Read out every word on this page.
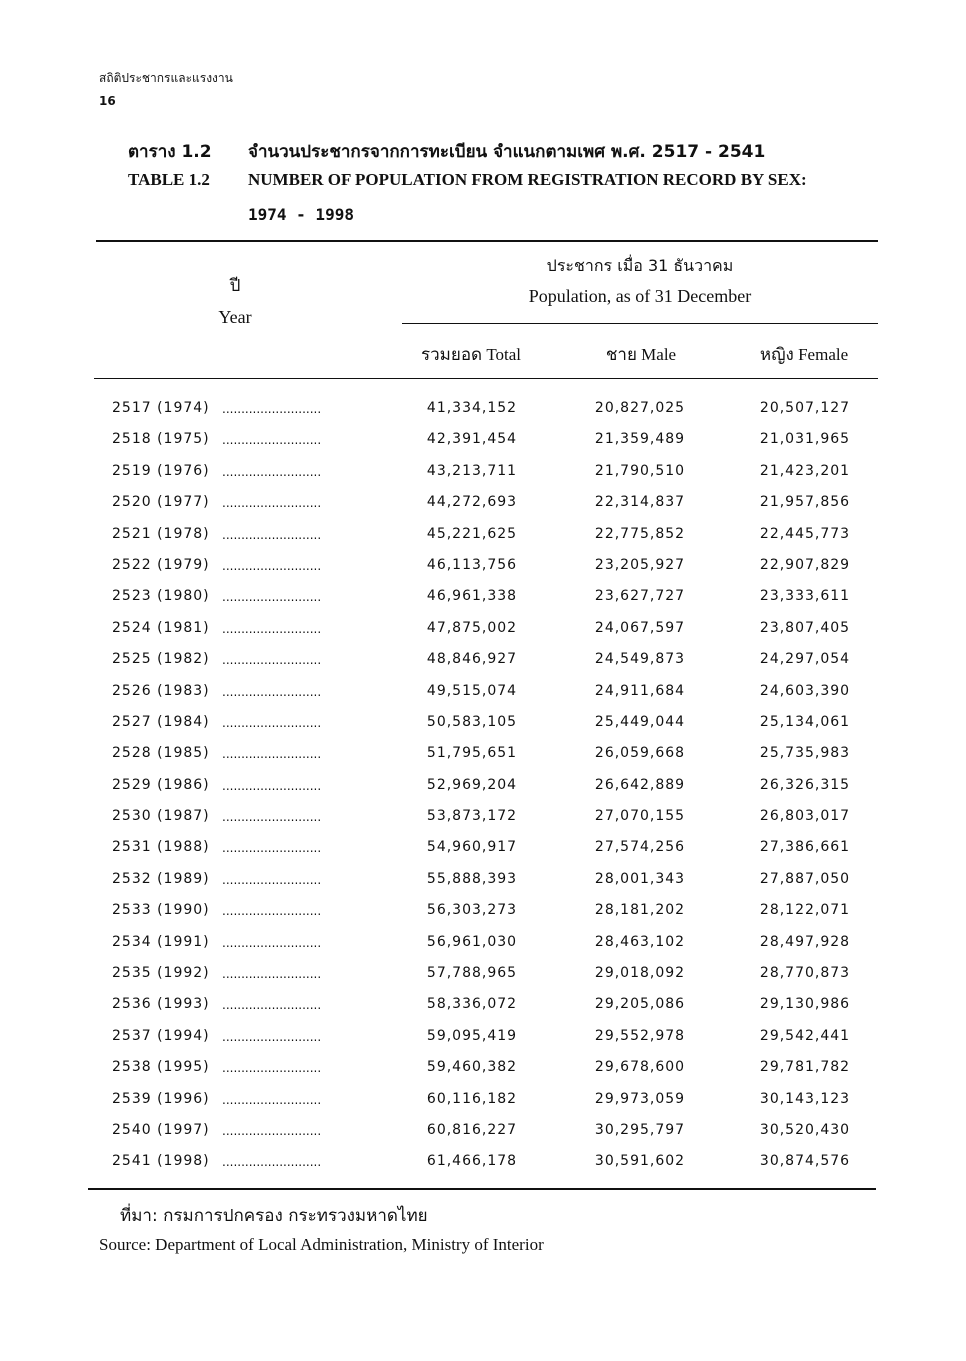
สถิติประชากรและแรงงาน
16
ตาราง 1.2 จำนวนประชากรจากการทะเบียน จำแนกตามเพศ พ.ศ. 2517 - 2541
TABLE 1.2 NUMBER OF POPULATION FROM REGISTRATION RECORD BY SEX:
1974 - 1998
ปี
Year
ประชากร เมื่อ 31 ธันวาคม
Population, as of 31 December
รวมยอด Total	ชาย Male	หญิง Female
2517 (1974) ..........................	41,334,152	20,827,025	20,507,127
2518 (1975) ..........................	42,391,454	21,359,489	21,031,965
2519 (1976) ..........................	43,213,711	21,790,510	21,423,201
2520 (1977) ..........................	44,272,693	22,314,837	21,957,856
2521 (1978) ..........................	45,221,625	22,775,852	22,445,773
2522 (1979) ..........................	46,113,756	23,205,927	22,907,829
2523 (1980) ..........................	46,961,338	23,627,727	23,333,611
2524 (1981) ..........................	47,875,002	24,067,597	23,807,405
2525 (1982) ..........................	48,846,927	24,549,873	24,297,054
2526 (1983) ..........................	49,515,074	24,911,684	24,603,390
2527 (1984) ..........................	50,583,105	25,449,044	25,134,061
2528 (1985) ..........................	51,795,651	26,059,668	25,735,983
2529 (1986) ..........................	52,969,204	26,642,889	26,326,315
2530 (1987) ..........................	53,873,172	27,070,155	26,803,017
2531 (1988) ..........................	54,960,917	27,574,256	27,386,661
2532 (1989) ..........................	55,888,393	28,001,343	27,887,050
2533 (1990) ..........................	56,303,273	28,181,202	28,122,071
2534 (1991) ..........................	56,961,030	28,463,102	28,497,928
2535 (1992) ..........................	57,788,965	29,018,092	28,770,873
2536 (1993) ..........................	58,336,072	29,205,086	29,130,986
2537 (1994) ..........................	59,095,419	29,552,978	29,542,441
2538 (1995) ..........................	59,460,382	29,678,600	29,781,782
2539 (1996) ..........................	60,116,182	29,973,059	30,143,123
2540 (1997) ..........................	60,816,227	30,295,797	30,520,430
2541 (1998) ..........................	61,466,178	30,591,602	30,874,576
ที่มา: กรมการปกครอง กระทรวงมหาดไทย
Source: Department of Local Administration, Ministry of Interior
